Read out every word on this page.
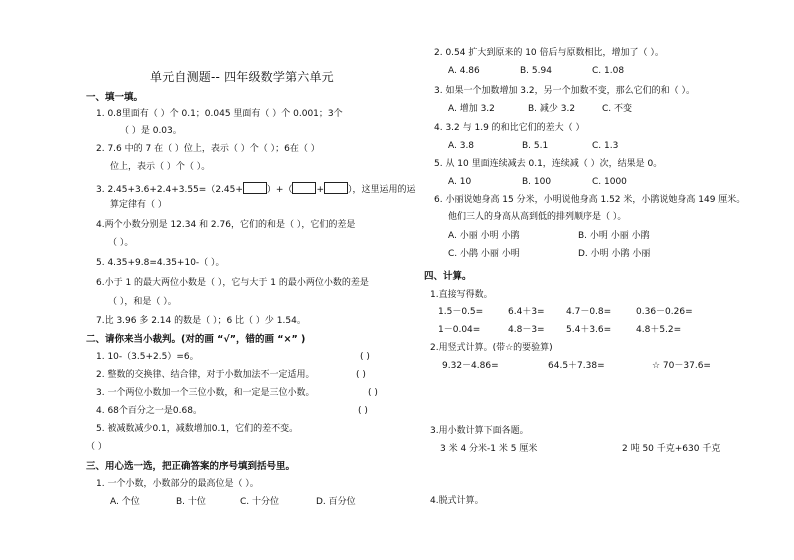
单元自测题-- 四年级数学第六单元
一、填一填。
1. 0.8里面有（ ）个 0.1；0.045 里面有（ ）个 0.001；3个
（ ）是 0.03。
2. 7.6 中的 7 在（ ）位上，表示（ ）个（ ）；6在（ ）
位上，表示（ ）个（ ）。
3. 2.45+3.6+2.4+3.55=（2.45+	）+（	+	），这里运用的运
算定律有（ ）
4.两个小数分别是 12.34 和 2.76，它们的和是（ ），它们的差是
（ ）。
5. 4.35+9.8=4.35+10-（ ）。
6.小于 1 的最大两位小数是（ ），它与大于 1 的最小两位小数的差是
（ ），和是（ ）。
7.比 3.96 多 2.14 的数是（ ）；6 比（ ）少 1.54。
二、请你来当小裁判。(对的画 “√”，错的画 “×” )
1. 10-（3.5+2.5）=6。	( )
2. 整数的交换律、结合律，对于小数加法不一定适用。	( )
3. 一个两位小数加一个三位小数，和一定是三位小数。	( )
4. 68个百分之一是0.68。	( )
5. 被减数减少0.1，减数增加0.1，它们的差不变。
（ ）
三、用心选一选，把正确答案的序号填到括号里。
1. 一个小数，小数部分的最高位是（ ）。
A. 个位	B. 十位	C. 十分位	D. 百分位
2. 0.54 扩大到原来的 10 倍后与原数相比，增加了（ ）。
A. 4.86	B. 5.94	C. 1.08
3. 如果一个加数增加 3.2，另一个加数不变，那么它们的和（ ）。
A. 增加 3.2	B. 减少 3.2	C. 不变
4. 3.2 与 1.9 的和比它们的差大（ ）
A. 3.8	B. 5.1	C. 1.3
5. 从 10 里面连续减去 0.1，连续减（ ）次，结果是 0。
A. 10	B. 100	C. 1000
6. 小丽说她身高 15 分米，小明说他身高 1.52 米，小鹃说她身高 149 厘米。
他们三人的身高从高到低的排列顺序是（ ）。
A. 小丽 小明 小鹃	B. 小明 小丽 小鹃
C. 小鹃 小丽 小明	D. 小明 小鹃 小丽
四、计算。
1.直接写得数。
1.5－0.5=	6.4＋3= 4.7－0.8=	0.36－0.26=
1－0.04=	4.8－3= 5.4＋3.6=	4.8＋5.2=
2.用竖式计算。(带☆的要验算)
9.32－4.86=	64.5＋7.38=	☆ 70－37.6=
3.用小数计算下面各题。
3 米 4 分米-1 米 5 厘米	2 吨 50 千克+630 千克
4.脱式计算。
